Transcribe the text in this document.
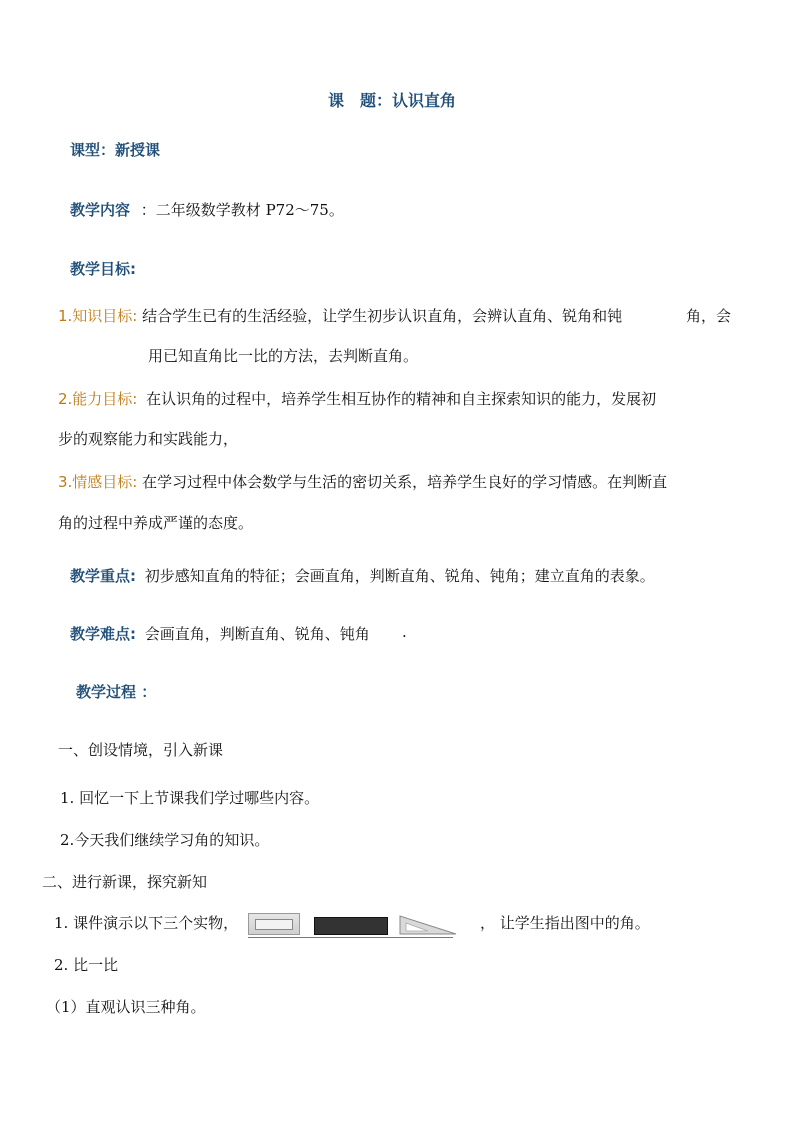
课　题：认识直角
课型：新授课
教学内容 ：二年级数学教材 P72～75。
教学目标:
1.知识目标: 结合学生已有的生活经验，让学生初步认识直角，会辨认直角、锐角和钝	角，会
用已知直角比一比的方法，去判断直角。
2.能力目标: 在认识角的过程中，培养学生相互协作的精神和自主探索知识的能力，发展初
步的观察能力和实践能力，
3.情感目标: 在学习过程中体会数学与生活的密切关系，培养学生良好的学习情感。在判断直
角的过程中养成严谨的态度。
教学重点: 初步感知直角的特征；会画直角，判断直角、锐角、钝角；建立直角的表象。
教学难点: 会画直角，判断直角、锐角、钝角 .
教学过程 ：
一、创设情境，引入新课
1. 回忆一下上节课我们学过哪些内容。
2.今天我们继续学习角的知识。
二、进行新课，探究新知
1. 课件演示以下三个实物，	， 让学生指出图中的角。
2. 比一比
（1）直观认识三种角。
